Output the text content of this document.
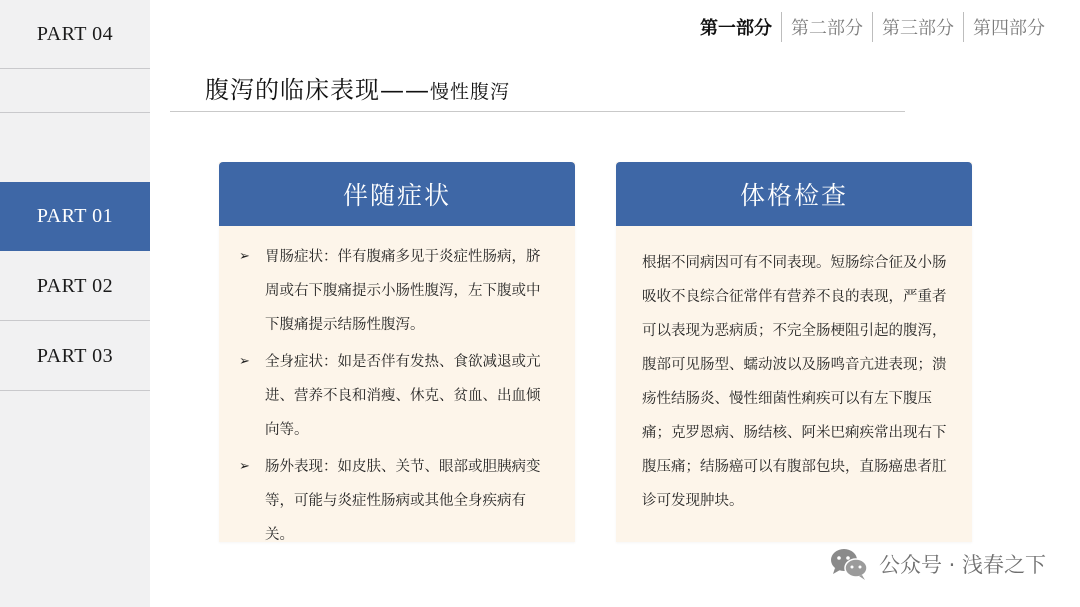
PART 01
PART 02
PART 03
PART 04	第一部分	第二部分	第三部分	第四部分
腹泻的临床表现—— 慢性腹泻
伴随症状
➢ 胃肠症状：伴有腹痛多见于炎症性肠病，脐周或右下腹痛提示小肠性腹泻，左下腹或中下腹痛提示结肠性腹泻。
➢ 全身症状：如是否伴有发热、食欲减退或亢进、营养不良和消瘦、休克、贫血、出血倾向等。
➢ 肠外表现：如皮肤、关节、眼部或胆胰病变等，可能与炎症性肠病或其他全身疾病有关。
体格检查
根据不同病因可有不同表现。短肠综合征及小肠吸收不良综合征常伴有营养不良的表现，严重者可以表现为恶病质；不完全肠梗阻引起的腹泻，腹部可见肠型、蠕动波以及肠鸣音亢进表现；溃疡性结肠炎、慢性细菌性痢疾可以有左下腹压痛；克罗恩病、肠结核、阿米巴痢疾常出现右下腹压痛；结肠癌可以有腹部包块，直肠癌患者肛诊可发现肿块。
公众号 · 浅春之下
